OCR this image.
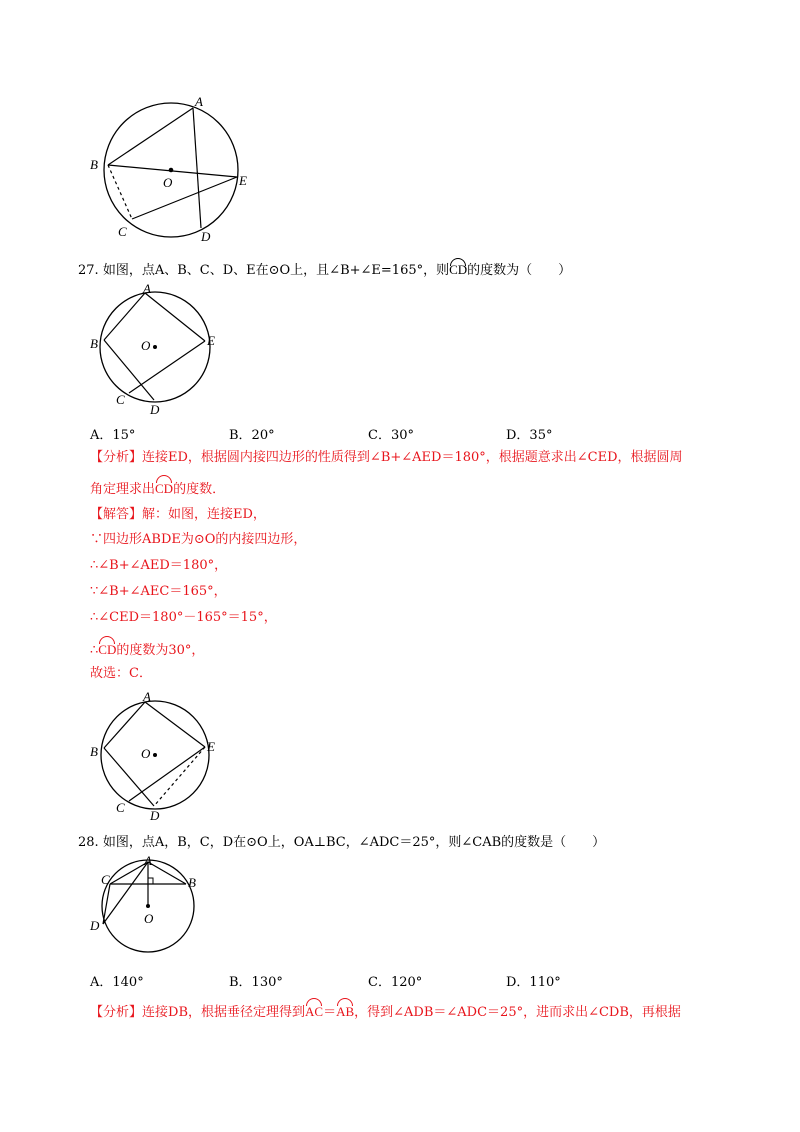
A
B
C	D
E
O
27. 如图，点A、B、C、D、E在⊙O上，且∠B+∠E=165°，则CD的度数为（　　）
A
B
C
D
E
O
A．15°	B．20°	C．30°	D．35°
【分析】连接ED，根据圆内接四边形的性质得到∠B+∠AED＝180°，根据题意求出∠CED，根据圆周
角定理求出CD的度数．
【解答】解：如图，连接ED，
∵四边形ABDE为⊙O的内接四边形，
∴∠B+∠AED＝180°，
∵∠B+∠AEC＝165°，
∴∠CED＝180°－165°＝15°，
∴CD的度数为30°，
故选：C．
A
B
C
D
E
O
28. 如图，点A，B，C，D在⊙O上，OA⊥BC，∠ADC＝25°，则∠CAB的度数是（　　）
A
B
C
D	O
A．140°	B．130°	C．120°	D．110°
【分析】连接DB，根据垂径定理得到AC＝AB，得到∠ADB＝∠ADC＝25°，进而求出∠CDB，再根据
